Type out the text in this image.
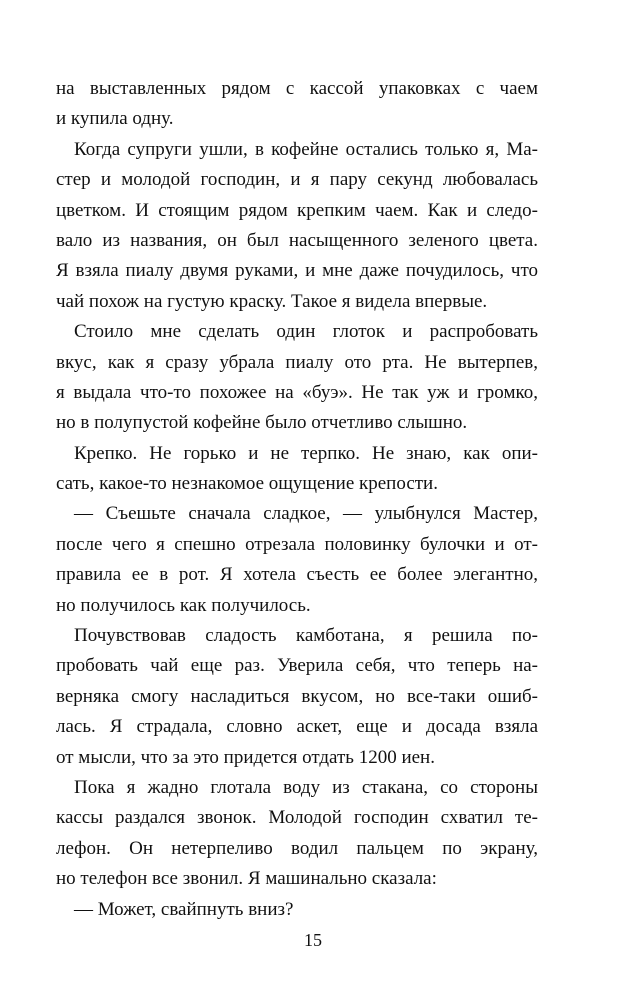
на выставленных рядом с кассой упаковках с чаем
и купила одну.
Когда супруги ушли, в кофейне остались только я, Ма-
стер и молодой господин, и я пару секунд любовалась
цветком. И стоящим рядом крепким чаем. Как и следо-
вало из названия, он был насыщенного зеленого цвета.
Я взяла пиалу двумя руками, и мне даже почудилось, что
чай похож на густую краску. Такое я видела впервые.
Стоило мне сделать один глоток и распробовать
вкус, как я сразу убрала пиалу ото рта. Не вытерпев,
я выдала что-то похожее на «буэ». Не так уж и громко,
но в полупустой кофейне было отчетливо слышно.
Крепко. Не горько и не терпко. Не знаю, как опи-
сать, какое-то незнакомое ощущение крепости.
— Съешьте сначала сладкое, — улыбнулся Мастер,
после чего я спешно отрезала половинку булочки и от-
правила ее в рот. Я хотела съесть ее более элегантно,
но получилось как получилось.
Почувствовав сладость камботана, я решила по-
пробовать чай еще раз. Уверила себя, что теперь на-
верняка смогу насладиться вкусом, но все-таки ошиб-
лась. Я страдала, словно аскет, еще и досада взяла
от мысли, что за это придется отдать 1200 иен.
Пока я жадно глотала воду из стакана, со стороны
кассы раздался звонок. Молодой господин схватил те-
лефон. Он нетерпеливо водил пальцем по экрану,
но телефон все звонил. Я машинально сказала:
— Может, свайпнуть вниз?
15
